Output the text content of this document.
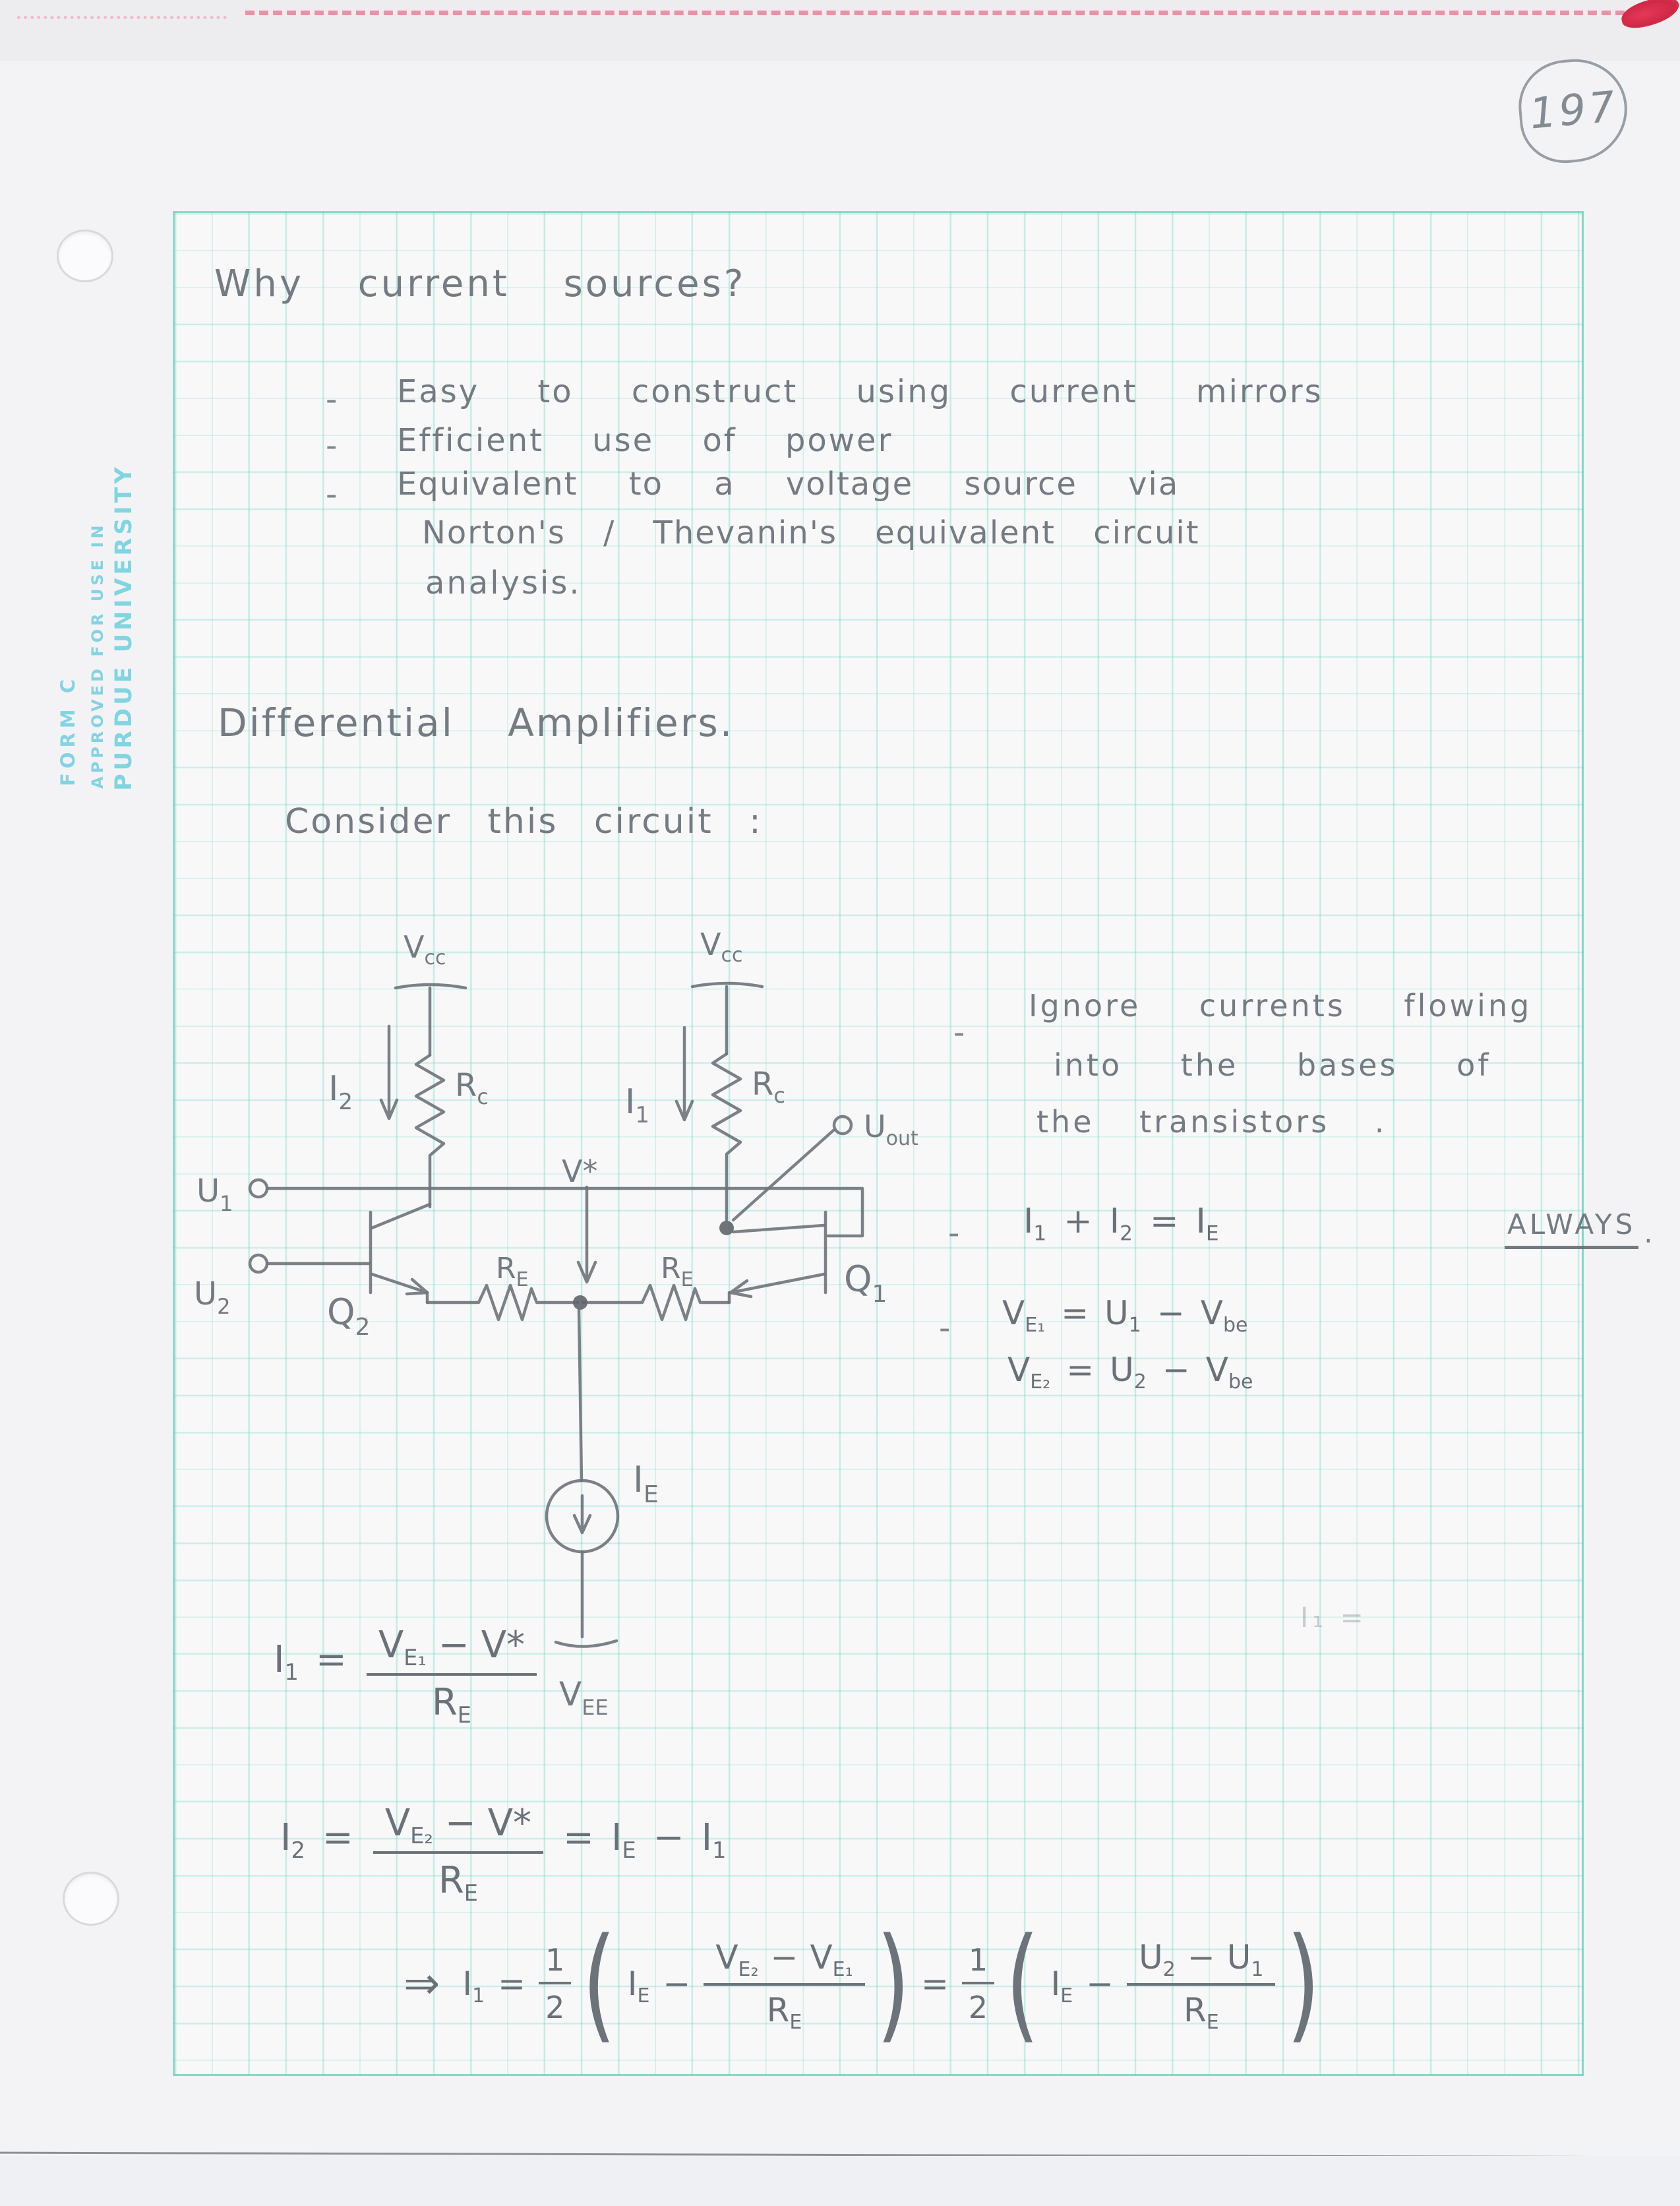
FORM C APPROVED FOR USE IN PURDUE UNIVERSITY
197
Why current sources?
- Easy to construct using current mirrors
- Efficient use of power
- Equivalent to a voltage source via
Norton's / Thevanin's equivalent circuit
analysis.
Differential Amplifiers.
Consider this circuit :
$V_{cc}$
$R_c$
$I_2$
$V_{cc}$
$R_c$
$I_1$	$U_{out}$
$U_1$
$U_2$	$Q_2$
$Q_1$
$R_E$	$R_E$
V*
$I_E$
$V_{EE}$
-
Ignore currents flowing
into the bases of
the transistors .
- $I_1 + I_2 = I_E$	ALWAYS .
- $V_{E_1} = U_1 - V_{be}$
$V_{E_2} = U_2 - V_{be}$
$I_1 = \frac{V_{E_1} - V*}{R_E}$
I₁ =
$I_2 = \frac{V_{E_2} - V*}{R_E} = I_E - I_1$
⇒ $I_1 = \frac{1}{2}$ ( $I_E - \frac{V_{E_2} - V_{E_1}}{R_E}$ ) = $\frac{1}{2}$ ( $I_E - \frac{U_2 - U_1}{R_E}$ )
